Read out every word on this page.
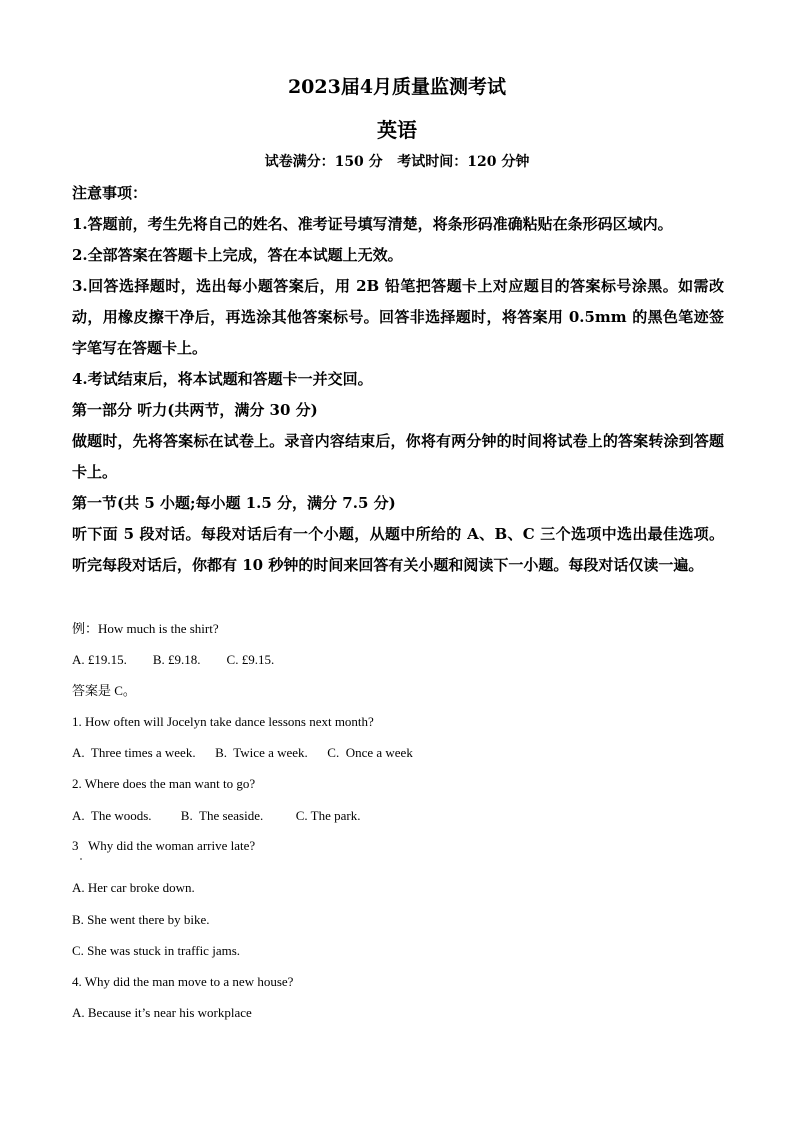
2023届4月质量监测考试
英语
试卷满分：150 分   考试时间：120 分钟

注意事项：

1.答题前，考生先将自己的姓名、准考证号填写清楚，将条形码准确粘贴在条形码区域内。

2.全部答案在答题卡上完成，答在本试题上无效。

3.回答选择题时，选出每小题答案后，用 2B 铅笔把答题卡上对应题目的答案标号涂黑。如需改动，用橡皮擦干净后，再选涂其他答案标号。回答非选择题时，将答案用 0.5mm 的黑色笔迹签字笔写在答题卡上。

4.考试结束后，将本试题和答题卡一并交回。

第一部分 听力(共两节，满分 30 分)

做题时，先将答案标在试卷上。录音内容结束后，你将有两分钟的时间将试卷上的答案转涂到答题卡上。

第一节(共 5 小题;每小题 1.5 分，满分 7.5 分)

听下面 5 段对话。每段对话后有一个小题，从题中所给的 A、B、C 三个选项中选出最佳选项。听完每段对话后，你都有 10 秒钟的时间来回答有关小题和阅读下一小题。每段对话仅读一遍。

例：How much is the shirt?

A. £19.15.        B. £9.18.        C. £9.15.

答案是 C。

1. How often will Jocelyn take dance lessons next month?

A.  Three times a week.      B.  Twice a week.      C.  Once a week

2. Where does the man want to go?

A.  The woods.         B.  The seaside.          C. The park.

3   Why did the woman arrive late?

A. Her car broke down.

B. She went there by bike.

C. She was stuck in traffic jams.

4. Why did the man move to a new house?

A. Because it’s near his workplace
